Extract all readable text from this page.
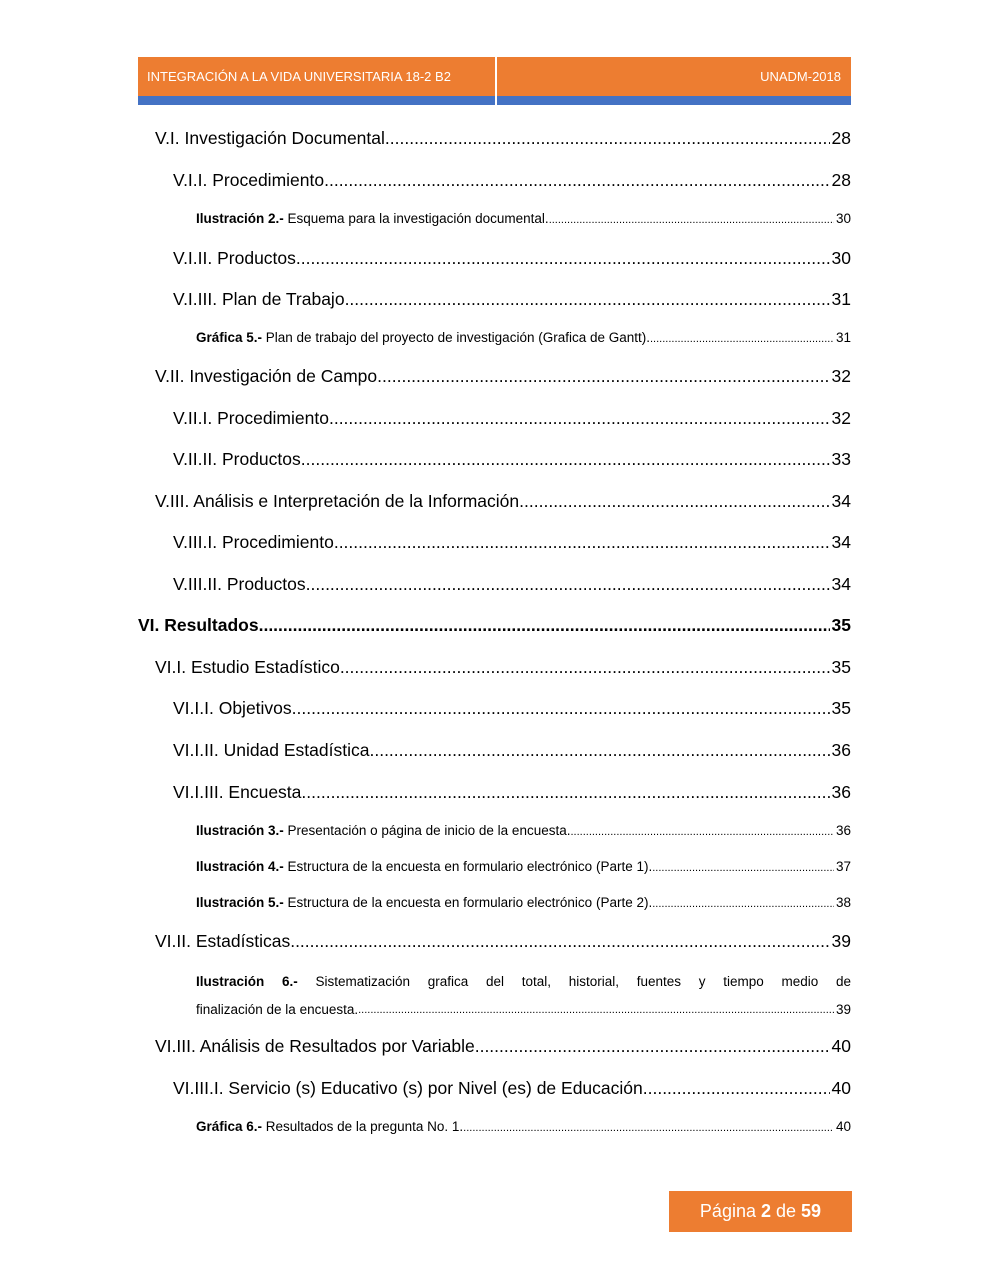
INTEGRACIÓN A LA VIDA UNIVERSITARIA 18-2 B2	UNADM-2018
V.I. Investigación Documental .....	28
V.I.I. Procedimiento .....	28
Ilustración 2.- Esquema para la investigación documental. .....	30
V.I.II. Productos .....	30
V.I.III. Plan de Trabajo .....	31
Gráfica 5.- Plan de trabajo del proyecto de investigación (Grafica de Gantt). .....	31
V.II. Investigación de Campo .....	32
V.II.I. Procedimiento .....	32
V.II.II. Productos .....	33
V.III. Análisis e Interpretación de la Información .....	34
V.III.I. Procedimiento .....	34
V.III.II. Productos .....	34
VI. Resultados .....	35
VI.I. Estudio Estadístico .....	35
VI.I.I. Objetivos .....	35
VI.I.II. Unidad Estadística .....	36
VI.I.III. Encuesta .....	36
Ilustración 3.- Presentación o página de inicio de la encuesta. .....	36
Ilustración 4.- Estructura de la encuesta en formulario electrónico (Parte 1). .....	37
Ilustración 5.- Estructura de la encuesta en formulario electrónico (Parte 2). .....	38
VI.II. Estadísticas .....	39
Ilustración 6.- Sistematización grafica del total, historial, fuentes y tiempo medio de
finalización de la encuesta. .....	39
VI.III. Análisis de Resultados por Variable .....	40
VI.III.I. Servicio (s) Educativo (s) por Nivel (es) de Educación .....	40
Gráfica 6.- Resultados de la pregunta No. 1. .....	40
Página 2 de 59
